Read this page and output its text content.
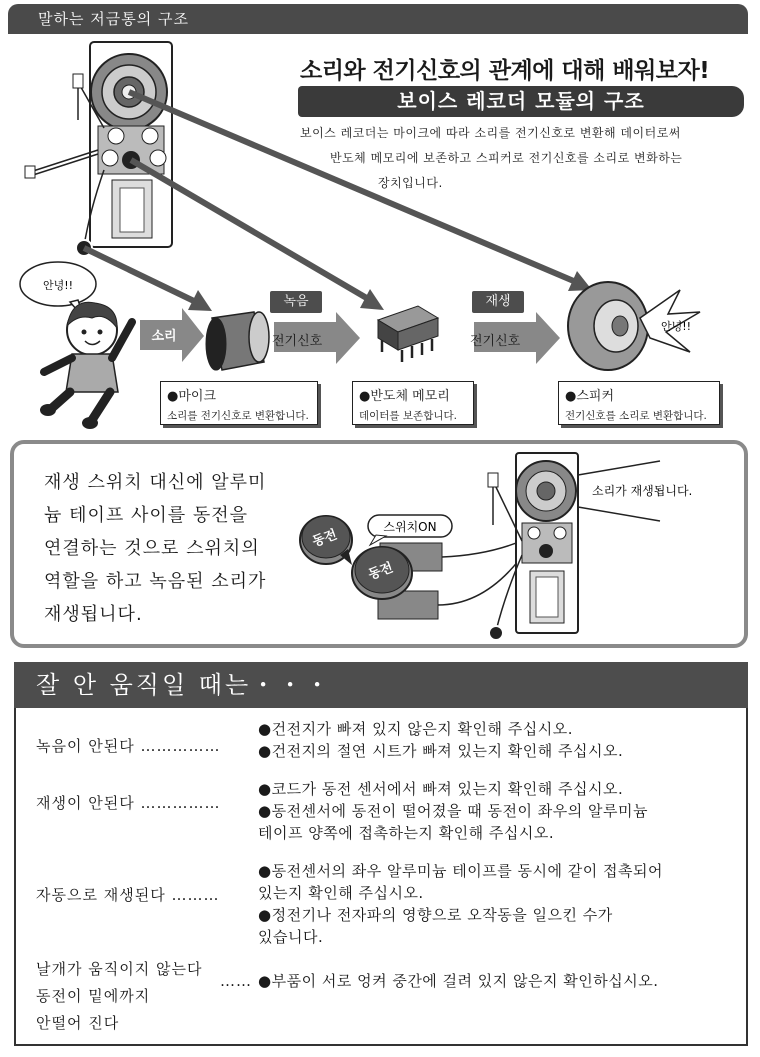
말하는 저금통의 구조
소리와 전기신호의 관계에 대해 배워보자!
보이스 레코더 모듈의 구조
보이스 레코더는 마이크에 따라 소리를 전기신호로 변환해 데이터로써
반도체 메모리에 보존하고 스피커로 전기신호를 소리로 변화하는
장치입니다.
안녕!!
소리
안녕!!
녹음	재생
전기신호	전기신호
●마이크
소리를 전기신호로 변환합니다.
●반도체 메모리
데이터를 보존합니다.
●스피커
전기신호를 소리로 변환합니다.
재생 스위치 대신에 알루미
늄 테이프 사이를 동전을
연결하는 것으로 스위치의
역할을 하고 녹음된 소리가
재생됩니다.
동전
동전
스위치ON
소리가 재생됩니다.
잘 안 움직일 때는・・・
녹음이 안된다 ……………
●건전지가 빠져 있지 않은지 확인해 주십시오.
●건전지의 절연 시트가 빠져 있는지 확인해 주십시오.
재생이 안된다 ……………
●코드가 동전 센서에서 빠져 있는지 확인해 주십시오.
●동전센서에 동전이 떨어졌을 때 동전이 좌우의 알루미늄
테이프 양쪽에 접촉하는지 확인해 주십시오.
자동으로 재생된다 ………
●동전센서의 좌우 알루미늄 테이프를 동시에 같이 접촉되어
있는지 확인해 주십시오.
●정전기나 전자파의 영향으로 오작동을 일으킨 수가
있습니다.
날개가 움직이지 않는다
동전이 밑에까지
안떨어 진다
…… ●부품이 서로 엉켜 중간에 걸려 있지 않은지 확인하십시오.
